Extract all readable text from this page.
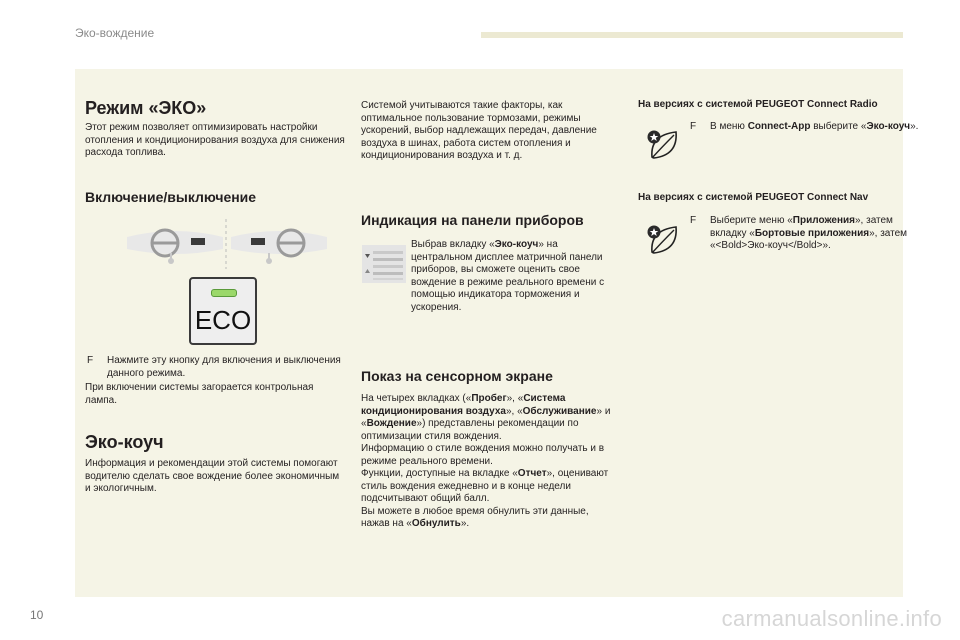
Эко-вождение
Режим «ЭКО»

Этот режим позволяет оптимизировать настройки отопления и кондиционирования воздуха для снижения расхода топлива.

Включение/выключение
ECO
F Нажмите эту кнопку для включения и выключения данного режима.

При включении системы загорается контрольная лампа.

Эко-коуч

Информация и рекомендации этой системы помогают водителю сделать свое вождение более экономичным и экологичным.

Системой учитываются такие факторы, как оптимальное пользование тормозами, режимы ускорений, выбор надлежащих передач, давление воздуха в шинах, работа систем отопления и кондиционирования воздуха и т. д.

Индикация на панели приборов

Выбрав вкладку «Эко-коуч» на центральном дисплее матричной панели приборов, вы сможете оценить свое вождение в режиме реального времени с помощью индикатора торможения и ускорения.

Показ на сенсорном экране

На четырех вкладках («Пробег», «Система кондиционирования воздуха», «Обслуживание» и «Вождение») представлены рекомендации по оптимизации стиля вождения.

Информацию о стиле вождения можно получать и в режиме реального времени.

Функции, доступные на вкладке «Отчет», оценивают стиль вождения ежедневно и в конце недели подсчитывают общий балл.

Вы можете в любое время обнулить эти данные, нажав на «Обнулить».

На версиях с системой PEUGEOT Connect Radio

F В меню Connect-App выберите «Эко-коуч».

На версиях с системой PEUGEOT Connect Nav

F Выберите меню «Приложения», затем вкладку «Бортовые приложения», затем «<Bold>Эко-коуч</Bold>».

10	carmanualsonline.info
